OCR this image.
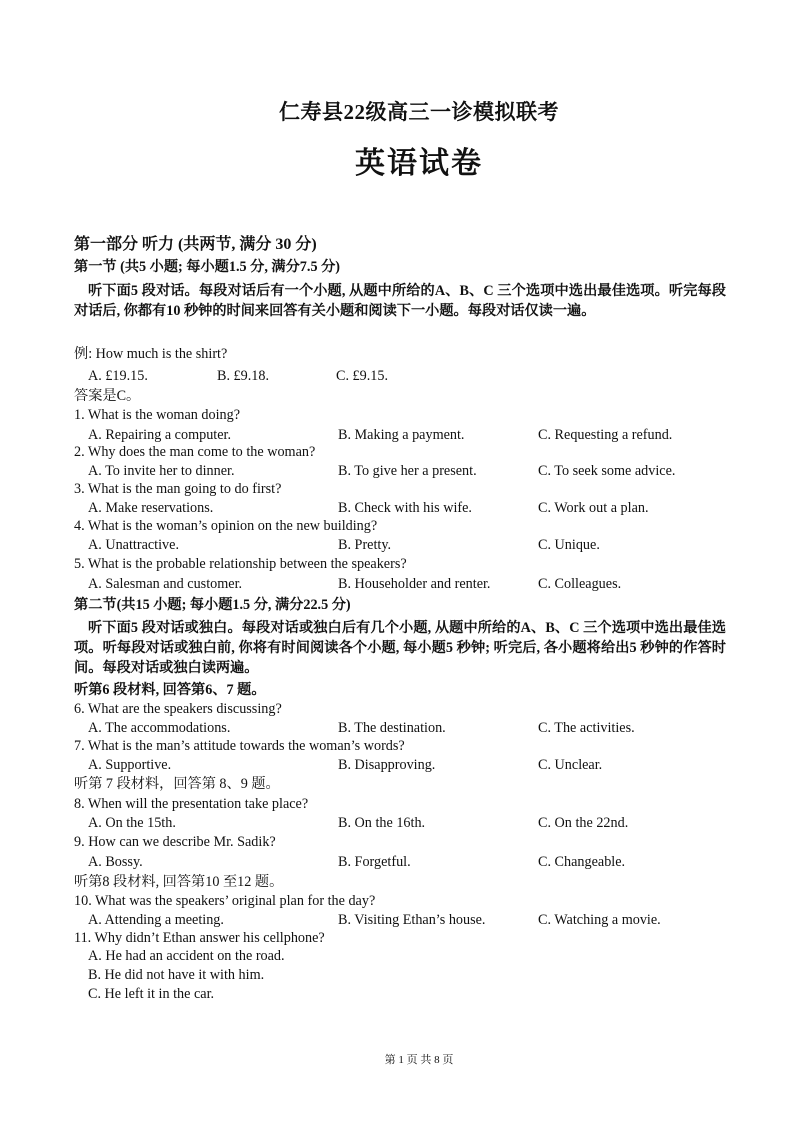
仁寿县22级高三一诊模拟联考
英语试卷
第一部分 听力 (共两节, 满分 30 分)
第一节 (共5 小题; 每小题1.5 分, 满分7.5 分)
听下面5 段对话。每段对话后有一个小题, 从题中所给的A、B、C 三个选项中选出最佳选项。听完每段对话后, 你都有10 秒钟的时间来回答有关小题和阅读下一小题。每段对话仅读一遍。
例: How much is the shirt?
A. £19.15.	B. £9.18.	C. £9.15.
答案是C。
1. What is the woman doing?
A. Repairing a computer.	B. Making a payment.	C. Requesting a refund.
2. Why does the man come to the woman?
A. To invite her to dinner.	B. To give her a present.	C. To seek some advice.
3. What is the man going to do first?
A. Make reservations.	B. Check with his wife.	C. Work out a plan.
4. What is the woman’s opinion on the new building?
A. Unattractive.	B. Pretty.	C. Unique.
5. What is the probable relationship between the speakers?
A. Salesman and customer.	B. Householder and renter.	C. Colleagues.
第二节(共15 小题; 每小题1.5 分, 满分22.5 分)
听下面5 段对话或独白。每段对话或独白后有几个小题, 从题中所给的A、B、C 三个选项中选出最佳选项。听每段对话或独白前, 你将有时间阅读各个小题, 每小题5 秒钟; 听完后, 各小题将给出5 秒钟的作答时间。每段对话或独白读两遍。
听第6 段材料, 回答第6、7 题。
6. What are the speakers discussing?
A. The accommodations.	B. The destination.	C. The activities.
7. What is the man’s attitude towards the woman’s words?
A. Supportive.	B. Disapproving.	C. Unclear.
听第 7 段材料，回答第 8、9 题。
8. When will the presentation take place?
A. On the 15th.	B. On the 16th.	C. On the 22nd.
9. How can we describe Mr. Sadik?
A. Bossy.	B. Forgetful.	C. Changeable.
听第8 段材料, 回答第10 至12 题。
10. What was the speakers’ original plan for the day?
A. Attending a meeting.	B. Visiting Ethan’s house.	C. Watching a movie.
11. Why didn’t Ethan answer his cellphone?
A. He had an accident on the road.
B. He did not have it with him.
C. He left it in the car.
第 1 页 共 8 页
